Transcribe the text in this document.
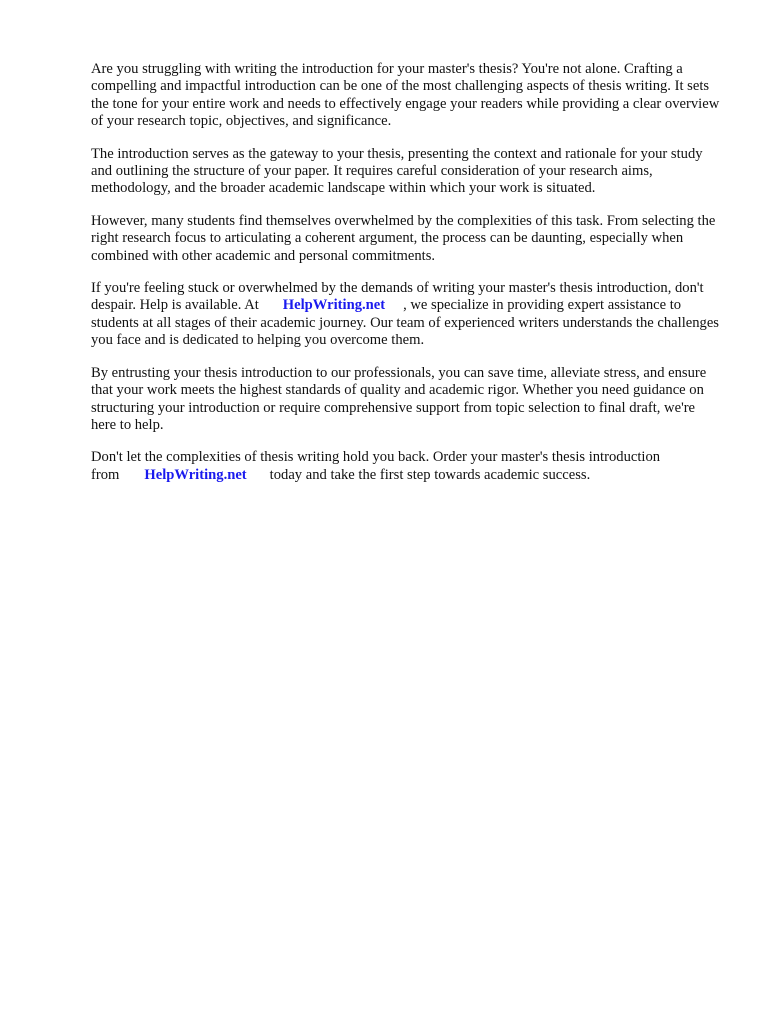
Are you struggling with writing the introduction for your master's thesis? You're not alone. Crafting a compelling and impactful introduction can be one of the most challenging aspects of thesis writing. It sets the tone for your entire work and needs to effectively engage your readers while providing a clear overview of your research topic, objectives, and significance.

The introduction serves as the gateway to your thesis, presenting the context and rationale for your study and outlining the structure of your paper. It requires careful consideration of your research aims, methodology, and the broader academic landscape within which your work is situated.

However, many students find themselves overwhelmed by the complexities of this task. From selecting the right research focus to articulating a coherent argument, the process can be daunting, especially when combined with other academic and personal commitments.

If you're feeling stuck or overwhelmed by the demands of writing your master's thesis introduction, don't despair. Help is available. At HelpWriting.net , we specialize in providing expert assistance to students at all stages of their academic journey. Our team of experienced writers understands the challenges you face and is dedicated to helping you overcome them.

By entrusting your thesis introduction to our professionals, you can save time, alleviate stress, and ensure that your work meets the highest standards of quality and academic rigor. Whether you need guidance on structuring your introduction or require comprehensive support from topic selection to final draft, we're here to help.

Don't let the complexities of thesis writing hold you back. Order your master's thesis introduction from HelpWriting.net today and take the first step towards academic success.
